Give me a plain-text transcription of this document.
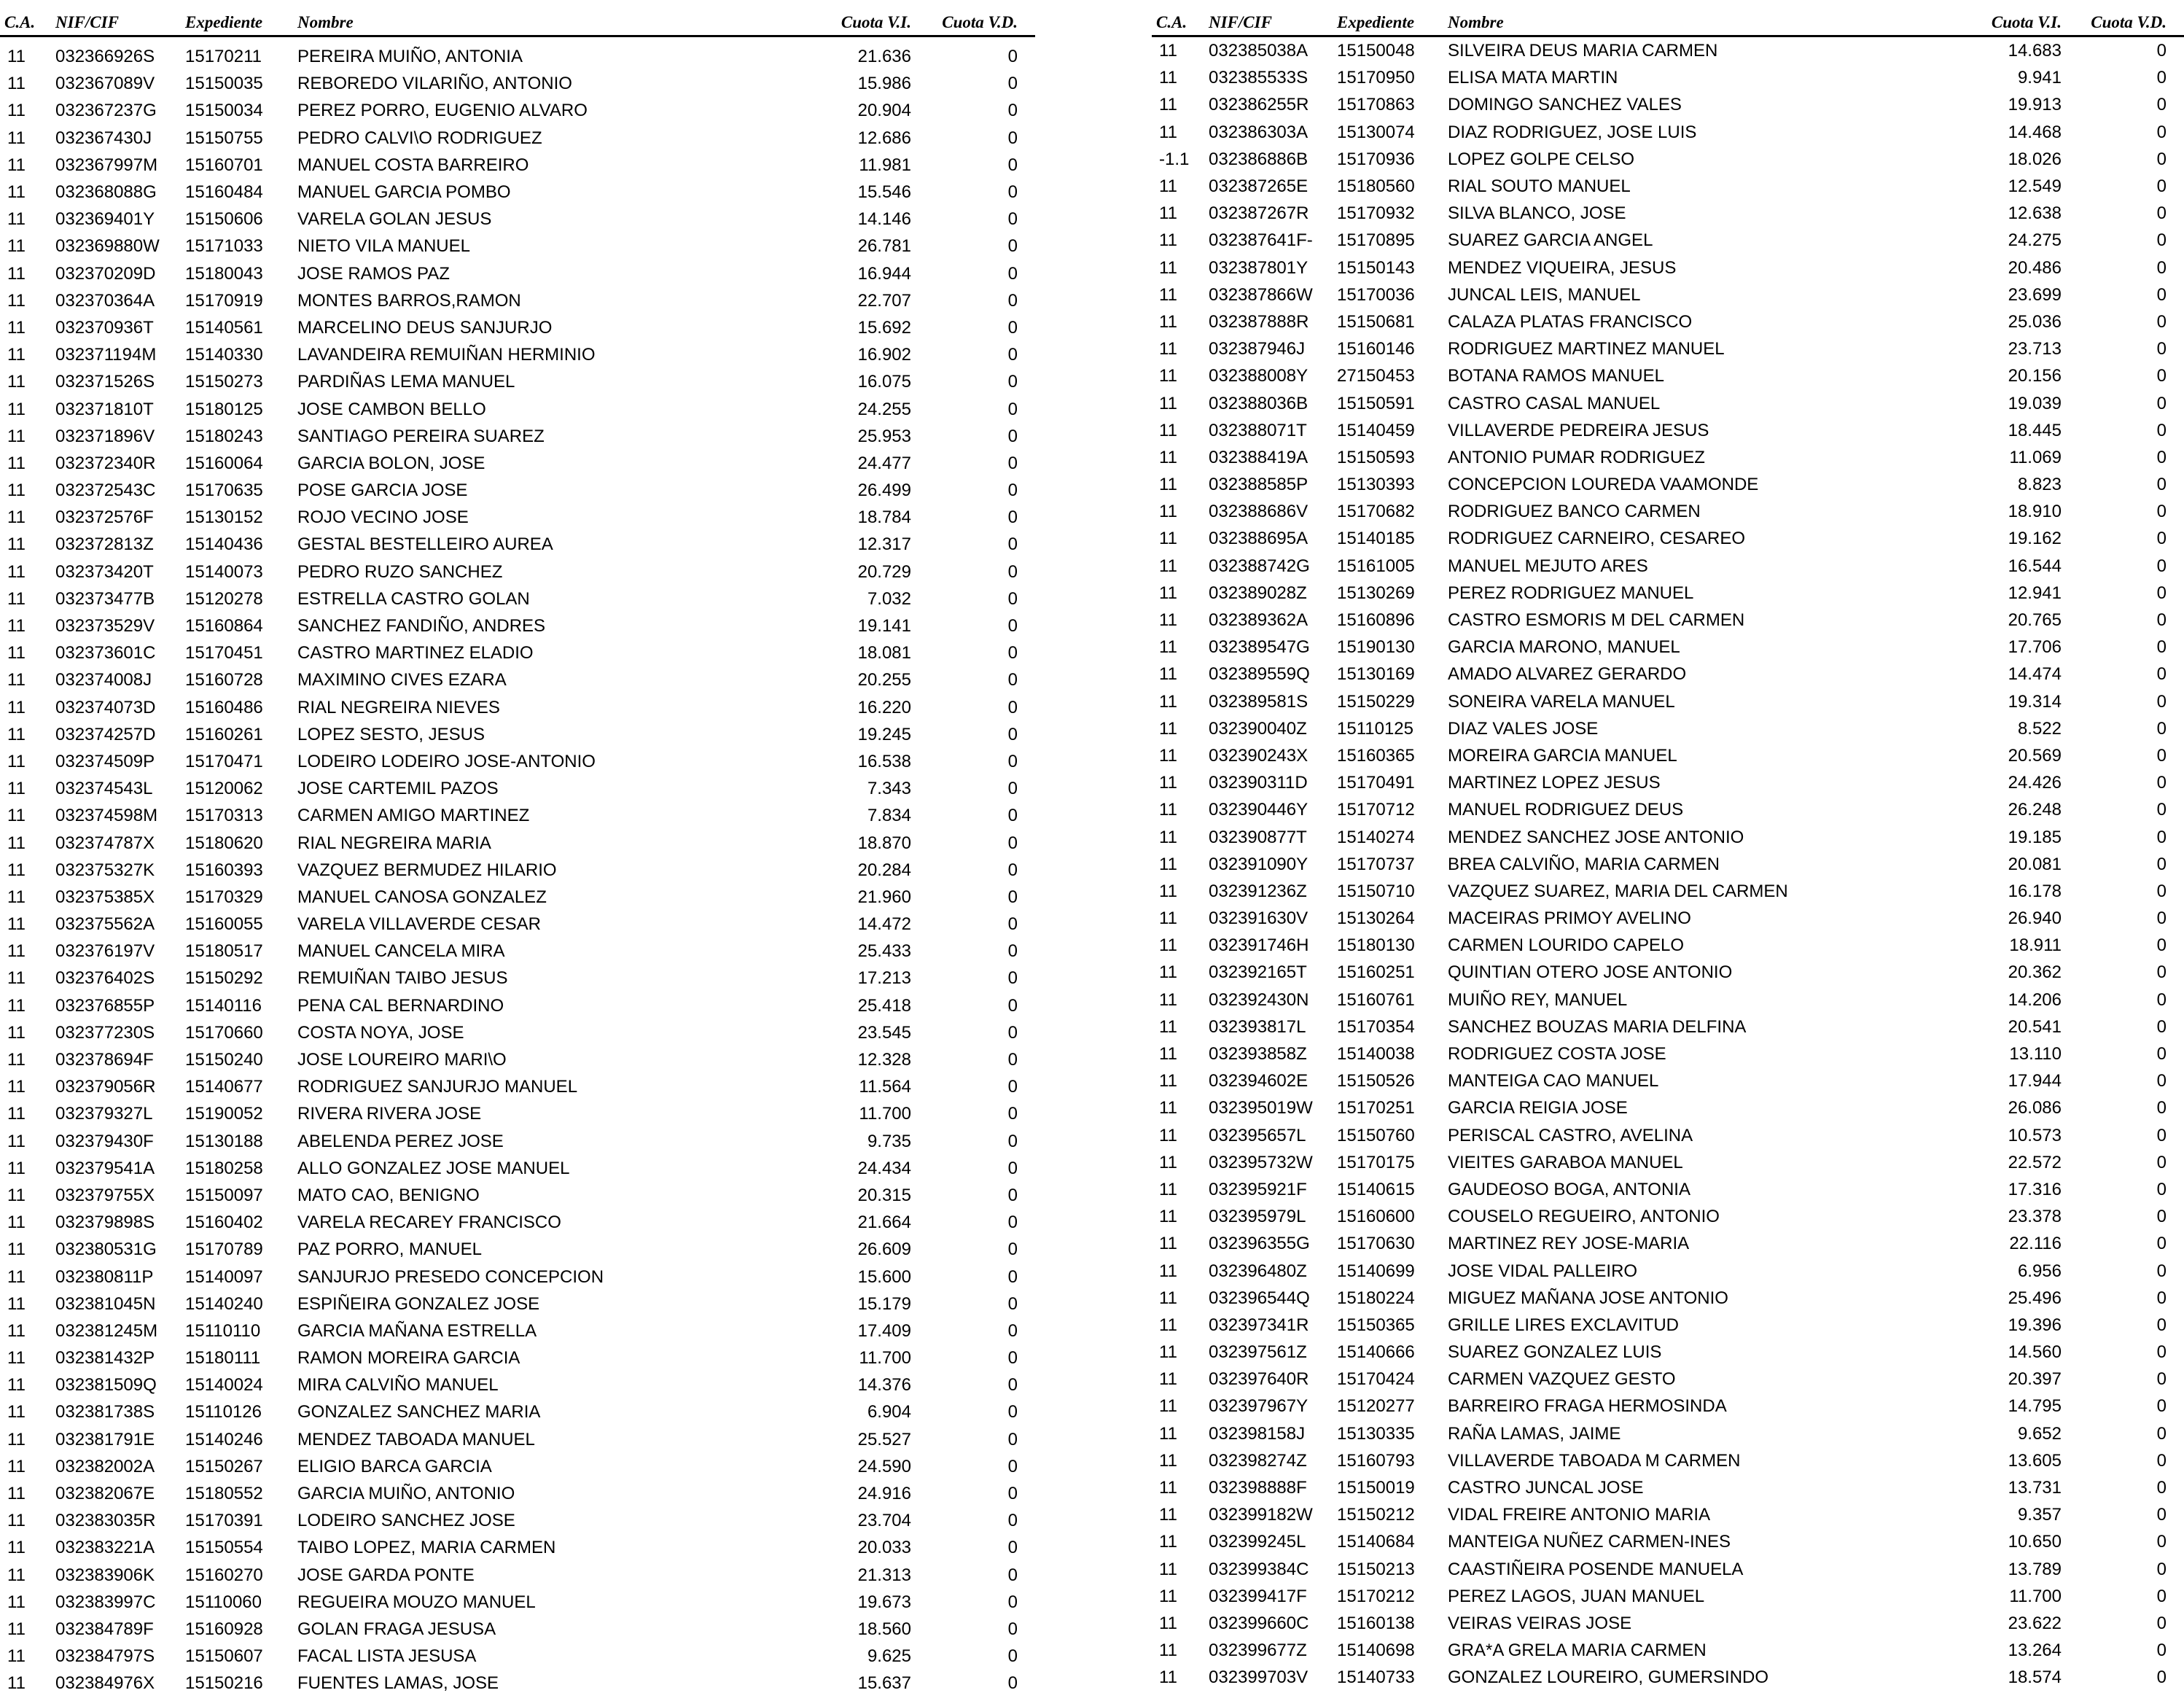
C.A.	NIF/CIF	Expediente	Nombre	Cuota V.I.	Cuota V.D.
11	032366926S	15170211	PEREIRA MUIÑO, ANTONIA	21.636	0
11	032367089V	15150035	REBOREDO VILARIÑO, ANTONIO	15.986	0
11	032367237G	15150034	PEREZ PORRO, EUGENIO ALVARO	20.904	0
11	032367430J	15150755	PEDRO CALVI\O RODRIGUEZ	12.686	0
11	032367997M	15160701	MANUEL COSTA BARREIRO	11.981	0
11	032368088G	15160484	MANUEL GARCIA POMBO	15.546	0
11	032369401Y	15150606	VARELA GOLAN JESUS	14.146	0
11	032369880W	15171033	NIETO VILA MANUEL	26.781	0
11	032370209D	15180043	JOSE RAMOS PAZ	16.944	0
11	032370364A	15170919	MONTES BARROS,RAMON	22.707	0
11	032370936T	15140561	MARCELINO DEUS SANJURJO	15.692	0
11	032371194M	15140330	LAVANDEIRA REMUIÑAN HERMINIO	16.902	0
11	032371526S	15150273	PARDIÑAS LEMA MANUEL	16.075	0
11	032371810T	15180125	JOSE CAMBON BELLO	24.255	0
11	032371896V	15180243	SANTIAGO PEREIRA SUAREZ	25.953	0
11	032372340R	15160064	GARCIA BOLON, JOSE	24.477	0
11	032372543C	15170635	POSE GARCIA JOSE	26.499	0
11	032372576F	15130152	ROJO VECINO JOSE	18.784	0
11	032372813Z	15140436	GESTAL BESTELLEIRO AUREA	12.317	0
11	032373420T	15140073	PEDRO RUZO SANCHEZ	20.729	0
11	032373477B	15120278	ESTRELLA CASTRO GOLAN	7.032	0
11	032373529V	15160864	SANCHEZ FANDIÑO, ANDRES	19.141	0
11	032373601C	15170451	CASTRO MARTINEZ ELADIO	18.081	0
11	032374008J	15160728	MAXIMINO CIVES EZARA	20.255	0
11	032374073D	15160486	RIAL NEGREIRA NIEVES	16.220	0
11	032374257D	15160261	LOPEZ SESTO, JESUS	19.245	0
11	032374509P	15170471	LODEIRO LODEIRO JOSE-ANTONIO	16.538	0
11	032374543L	15120062	JOSE CARTEMIL PAZOS	7.343	0
11	032374598M	15170313	CARMEN AMIGO MARTINEZ	7.834	0
11	032374787X	15180620	RIAL NEGREIRA MARIA	18.870	0
11	032375327K	15160393	VAZQUEZ BERMUDEZ HILARIO	20.284	0
11	032375385X	15170329	MANUEL CANOSA GONZALEZ	21.960	0
11	032375562A	15160055	VARELA VILLAVERDE CESAR	14.472	0
11	032376197V	15180517	MANUEL CANCELA MIRA	25.433	0
11	032376402S	15150292	REMUIÑAN TAIBO JESUS	17.213	0
11	032376855P	15140116	PENA CAL BERNARDINO	25.418	0
11	032377230S	15170660	COSTA NOYA, JOSE	23.545	0
11	032378694F	15150240	JOSE LOUREIRO MARI\O	12.328	0
11	032379056R	15140677	RODRIGUEZ SANJURJO MANUEL	11.564	0
11	032379327L	15190052	RIVERA RIVERA JOSE	11.700	0
11	032379430F	15130188	ABELENDA PEREZ JOSE	9.735	0
11	032379541A	15180258	ALLO GONZALEZ JOSE MANUEL	24.434	0
11	032379755X	15150097	MATO CAO, BENIGNO	20.315	0
11	032379898S	15160402	VARELA RECAREY FRANCISCO	21.664	0
11	032380531G	15170789	PAZ PORRO, MANUEL	26.609	0
11	032380811P	15140097	SANJURJO PRESEDO CONCEPCION	15.600	0
11	032381045N	15140240	ESPIÑEIRA GONZALEZ JOSE	15.179	0
11	032381245M	15110110	GARCIA MAÑANA ESTRELLA	17.409	0
11	032381432P	15180111	RAMON MOREIRA GARCIA	11.700	0
11	032381509Q	15140024	MIRA CALVIÑO MANUEL	14.376	0
11	032381738S	15110126	GONZALEZ SANCHEZ MARIA	6.904	0
11	032381791E	15140246	MENDEZ TABOADA MANUEL	25.527	0
11	032382002A	15150267	ELIGIO BARCA GARCIA	24.590	0
11	032382067E	15180552	GARCIA MUIÑO, ANTONIO	24.916	0
11	032383035R	15170391	LODEIRO SANCHEZ JOSE	23.704	0
11	032383221A	15150554	TAIBO LOPEZ, MARIA CARMEN	20.033	0
11	032383906K	15160270	JOSE GARDA PONTE	21.313	0
11	032383997C	15110060	REGUEIRA MOUZO MANUEL	19.673	0
11	032384789F	15160928	GOLAN FRAGA JESUSA	18.560	0
11	032384797S	15150607	FACAL LISTA JESUSA	9.625	0
11	032384976X	15150216	FUENTES LAMAS, JOSE	15.637	0
C.A.	NIF/CIF	Expediente	Nombre	Cuota V.I.	Cuota V.D.
11	032385038A	15150048	SILVEIRA DEUS MARIA CARMEN	14.683	0
11	032385533S	15170950	ELISA MATA MARTIN	9.941	0
11	032386255R	15170863	DOMINGO SANCHEZ VALES	19.913	0
11	032386303A	15130074	DIAZ RODRIGUEZ, JOSE LUIS	14.468	0
-1.1	032386886B	15170936	LOPEZ GOLPE CELSO	18.026	0
11	032387265E	15180560	RIAL SOUTO MANUEL	12.549	0
11	032387267R	15170932	SILVA BLANCO, JOSE	12.638	0
11	032387641F-	15170895	SUAREZ GARCIA ANGEL	24.275	0
11	032387801Y	15150143	MENDEZ VIQUEIRA, JESUS	20.486	0
11	032387866W	15170036	JUNCAL LEIS, MANUEL	23.699	0
11	032387888R	15150681	CALAZA PLATAS FRANCISCO	25.036	0
11	032387946J	15160146	RODRIGUEZ MARTINEZ MANUEL	23.713	0
11	032388008Y	27150453	BOTANA RAMOS MANUEL	20.156	0
11	032388036B	15150591	CASTRO CASAL MANUEL	19.039	0
11	032388071T	15140459	VILLAVERDE PEDREIRA JESUS	18.445	0
11	032388419A	15150593	ANTONIO PUMAR RODRIGUEZ	11.069	0
11	032388585P	15130393	CONCEPCION LOUREDA VAAMONDE	8.823	0
11	032388686V	15170682	RODRIGUEZ BANCO CARMEN	18.910	0
11	032388695A	15140185	RODRIGUEZ CARNEIRO, CESAREO	19.162	0
11	032388742G	15161005	MANUEL MEJUTO ARES	16.544	0
11	032389028Z	15130269	PEREZ RODRIGUEZ MANUEL	12.941	0
11	032389362A	15160896	CASTRO ESMORIS M DEL CARMEN	20.765	0
11	032389547G	15190130	GARCIA MARONO, MANUEL	17.706	0
11	032389559Q	15130169	AMADO ALVAREZ GERARDO	14.474	0
11	032389581S	15150229	SONEIRA VARELA MANUEL	19.314	0
11	032390040Z	15110125	DIAZ VALES JOSE	8.522	0
11	032390243X	15160365	MOREIRA GARCIA MANUEL	20.569	0
11	032390311D	15170491	MARTINEZ LOPEZ JESUS	24.426	0
11	032390446Y	15170712	MANUEL RODRIGUEZ DEUS	26.248	0
11	032390877T	15140274	MENDEZ SANCHEZ JOSE ANTONIO	19.185	0
11	032391090Y	15170737	BREA CALVIÑO, MARIA CARMEN	20.081	0
11	032391236Z	15150710	VAZQUEZ SUAREZ, MARIA DEL CARMEN	16.178	0
11	032391630V	15130264	MACEIRAS PRIMOY AVELINO	26.940	0
11	032391746H	15180130	CARMEN LOURIDO CAPELO	18.911	0
11	032392165T	15160251	QUINTIAN OTERO JOSE ANTONIO	20.362	0
11	032392430N	15160761	MUIÑO REY, MANUEL	14.206	0
11	032393817L	15170354	SANCHEZ BOUZAS MARIA DELFINA	20.541	0
11	032393858Z	15140038	RODRIGUEZ COSTA JOSE	13.110	0
11	032394602E	15150526	MANTEIGA CAO MANUEL	17.944	0
11	032395019W	15170251	GARCIA REIGIA JOSE	26.086	0
11	032395657L	15150760	PERISCAL CASTRO, AVELINA	10.573	0
11	032395732W	15170175	VIEITES GARABOA MANUEL	22.572	0
11	032395921F	15140615	GAUDEOSO BOGA, ANTONIA	17.316	0
11	032395979L	15160600	COUSELO REGUEIRO, ANTONIO	23.378	0
11	032396355G	15170630	MARTINEZ REY JOSE-MARIA	22.116	0
11	032396480Z	15140699	JOSE VIDAL PALLEIRO	6.956	0
11	032396544Q	15180224	MIGUEZ MAÑANA JOSE ANTONIO	25.496	0
11	032397341R	15150365	GRILLE LIRES EXCLAVITUD	19.396	0
11	032397561Z	15140666	SUAREZ GONZALEZ LUIS	14.560	0
11	032397640R	15170424	CARMEN VAZQUEZ GESTO	20.397	0
11	032397967Y	15120277	BARREIRO FRAGA HERMOSINDA	14.795	0
11	032398158J	15130335	RAÑA LAMAS, JAIME	9.652	0
11	032398274Z	15160793	VILLAVERDE TABOADA M CARMEN	13.605	0
11	032398888F	15150019	CASTRO JUNCAL JOSE	13.731	0
11	032399182W	15150212	VIDAL FREIRE ANTONIO MARIA	9.357	0
11	032399245L	15140684	MANTEIGA NUÑEZ CARMEN-INES	10.650	0
11	032399384C	15150213	CAASTIÑEIRA POSENDE MANUELA	13.789	0
11	032399417F	15170212	PEREZ LAGOS, JUAN MANUEL	11.700	0
11	032399660C	15160138	VEIRAS VEIRAS JOSE	23.622	0
11	032399677Z	15140698	GRA*A GRELA MARIA CARMEN	13.264	0
11	032399703V	15140733	GONZALEZ LOUREIRO, GUMERSINDO	18.574	0
